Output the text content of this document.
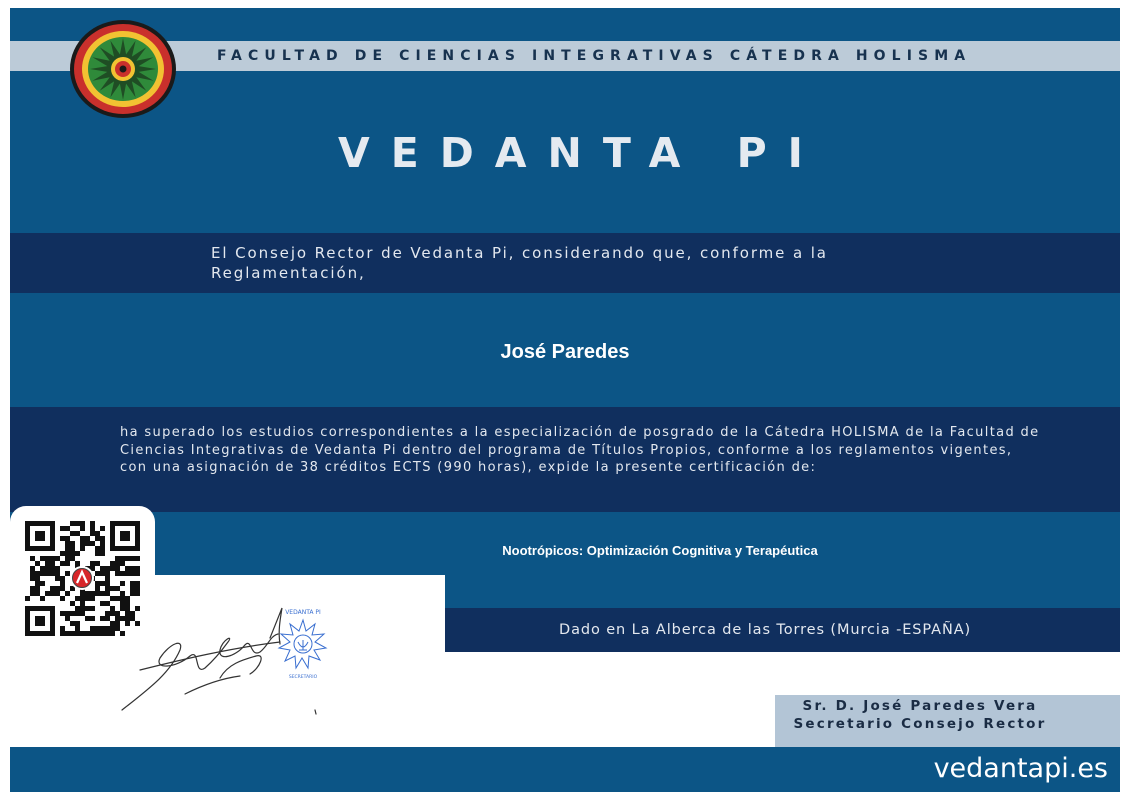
FACULTAD DE CIENCIAS INTEGRATIVAS CÁTEDRA HOLISMA
VEDANTA PI
El Consejo Rector de Vedanta Pi, considerando que, conforme a la Reglamentación,
José Paredes
ha superado los estudios correspondientes a la especialización de posgrado de la Cátedra HOLISMA de la Facultad de Ciencias Integrativas de Vedanta Pi dentro del programa de Títulos Propios, conforme a los reglamentos vigentes, con una asignación de 38 créditos ECTS (990 horas), expide la presente certificación de:
Nootrópicos: Optimización Cognitiva y Terapéutica
Dado en La Alberca de las Torres (Murcia -ESPAÑA)
VEDANTA PI
SECRETARIO
Sr. D. José Paredes Vera
Secretario Consejo Rector
vedantapi.es
